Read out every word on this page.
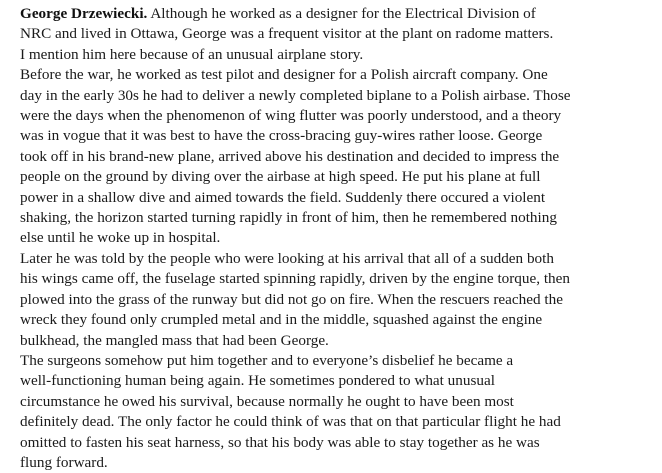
George Drzewiecki. Although he worked as a designer for the Electrical Division of
NRC and lived in Ottawa, George was a frequent visitor at the plant on radome matters.
I mention him here because of an unusual airplane story.

Before the war, he worked as test pilot and designer for a Polish aircraft company. One
day in the early 30s he had to deliver a newly completed biplane to a Polish airbase. Those
were the days when the phenomenon of wing flutter was poorly understood, and a theory
was in vogue that it was best to have the cross-bracing guy-wires rather loose. George
took off in his brand-new plane, arrived above his destination and decided to impress the
people on the ground by diving over the airbase at high speed. He put his plane at full
power in a shallow dive and aimed towards the field. Suddenly there occured a violent
shaking, the horizon started turning rapidly in front of him, then he remembered nothing
else until he woke up in hospital.

Later he was told by the people who were looking at his arrival that all of a sudden both
his wings came off, the fuselage started spinning rapidly, driven by the engine torque, then
plowed into the grass of the runway but did not go on fire. When the rescuers reached the
wreck they found only crumpled metal and in the middle, squashed against the engine
bulkhead, the mangled mass that had been George.

The surgeons somehow put him together and to everyone’s disbelief he became a
well-functioning human being again. He sometimes pondered to what unusual
circumstance he owed his survival, because normally he ought to have been most
definitely dead. The only factor he could think of was that on that particular flight he had
omitted to fasten his seat harness, so that his body was able to stay together as he was
flung forward.
